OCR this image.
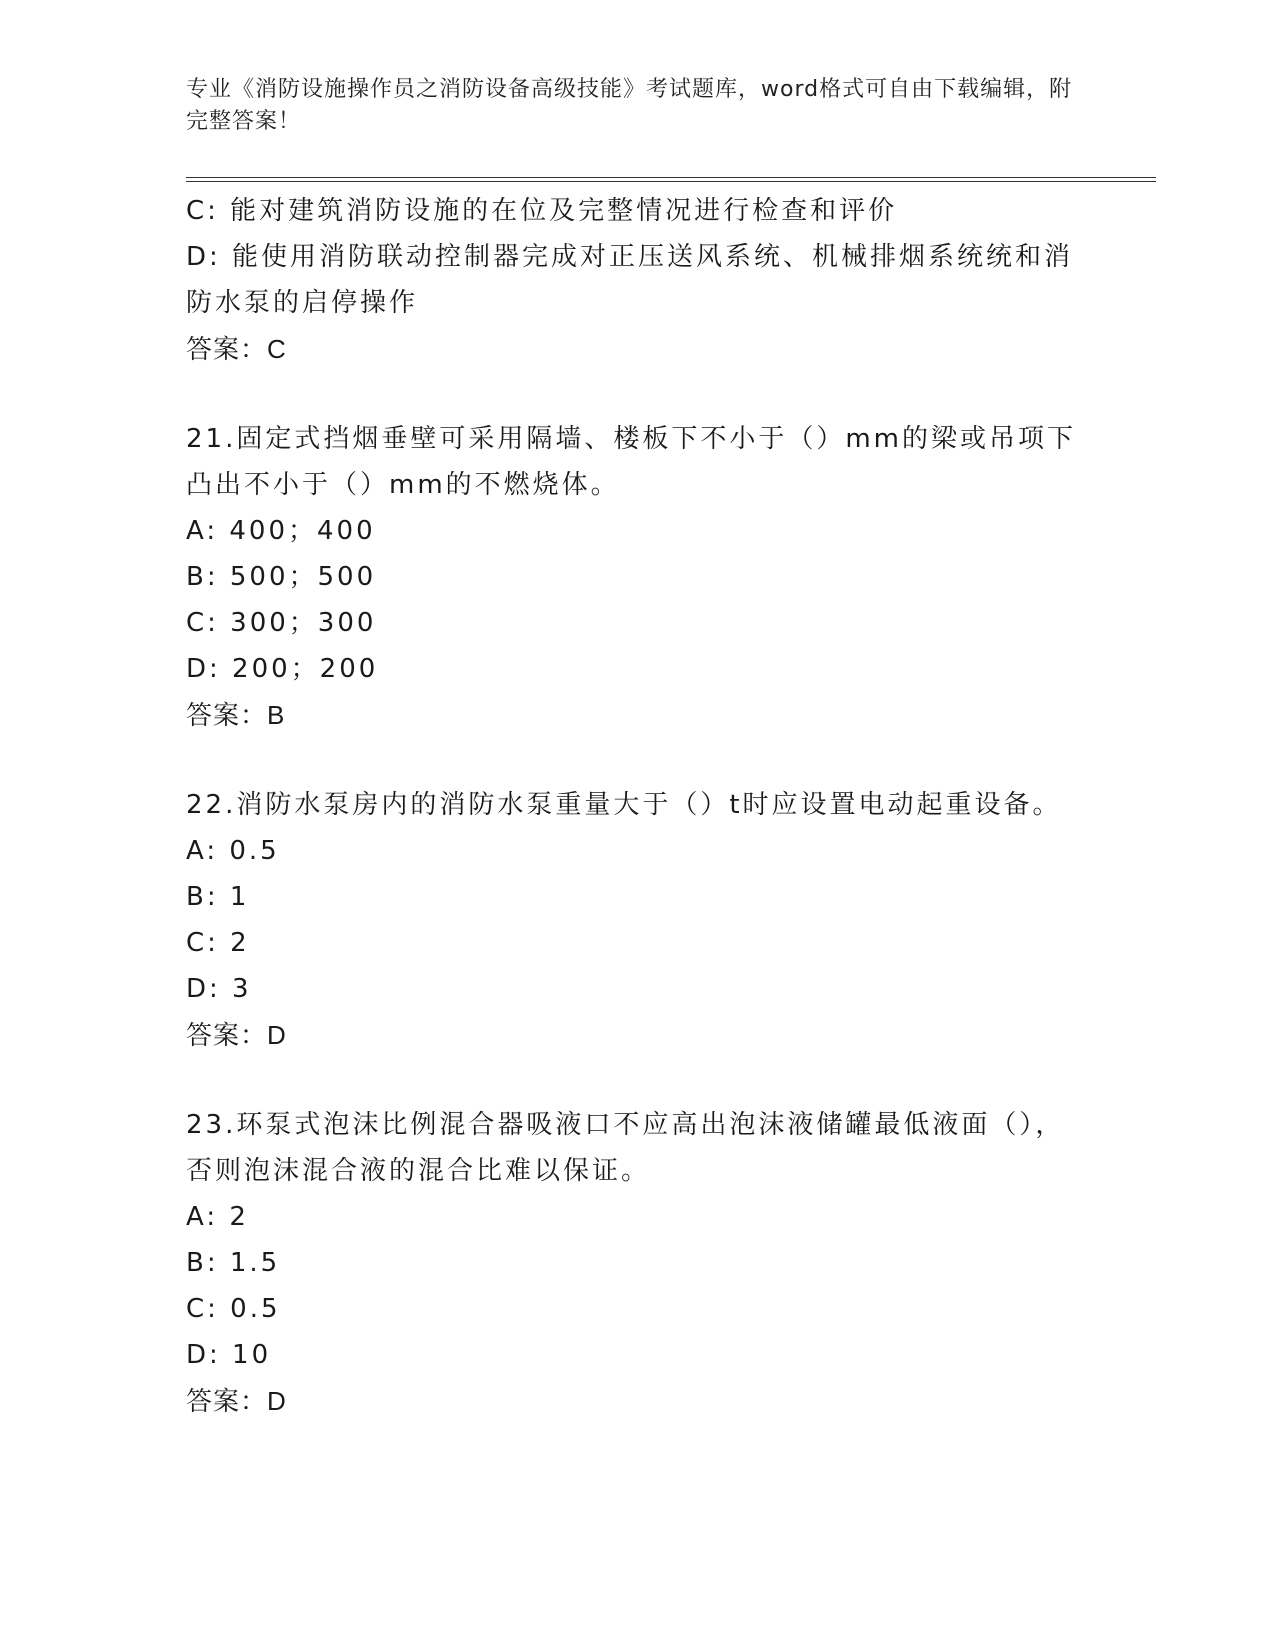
专业《消防设施操作员之消防设备高级技能》考试题库，word格式可自由下载编辑，附完整答案！
C: 能对建筑消防设施的在位及完整情况进行检查和评价
D: 能使用消防联动控制器完成对正压送风系统、机械排烟系统统和消防水泵的启停操作
答案：C
21.固定式挡烟垂壁可采用隔墙、楼板下不小于（）mm的梁或吊项下凸出不小于（）mm的不燃烧体。
A: 400；400
B: 500；500
C: 300；300
D: 200；200
答案：B
22.消防水泵房内的消防水泵重量大于（）t时应设置电动起重设备。
A: 0.5
B: 1
C: 2
D: 3
答案：D
23.环泵式泡沫比例混合器吸液口不应高出泡沫液储罐最低液面（），否则泡沫混合液的混合比难以保证。
A: 2
B: 1.5
C: 0.5
D: 10
答案：D
